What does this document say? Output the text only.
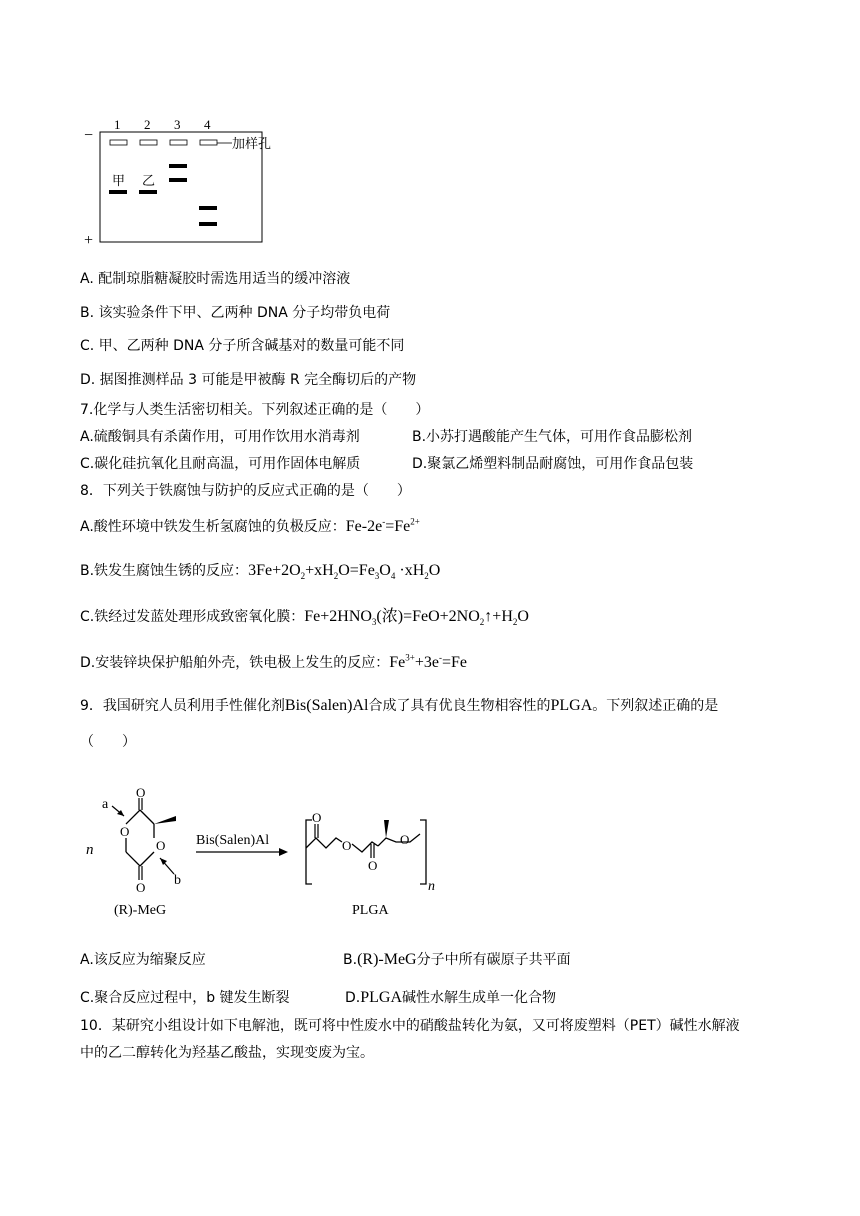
−
+
1 2 3 4
加样孔
甲 乙
A. 配制琼脂糖凝胶时需选用适当的缓冲溶液
B. 该实验条件下甲、乙两种 DNA 分子均带负电荷
C. 甲、乙两种 DNA 分子所含碱基对的数量可能不同
D. 据图推测样品 3 可能是甲被酶 R 完全酶切后的产物
7.化学与人类生活密切相关。下列叙述正确的是（　　）
A.硫酸铜具有杀菌作用，可用作饮用水消毒剂	B.小苏打遇酸能产生气体，可用作食品膨松剂
C.碳化硅抗氧化且耐高温，可用作固体电解质	D.聚氯乙烯塑料制品耐腐蚀，可用作食品包装
8．下列关于铁腐蚀与防护的反应式正确的是（　　）
A.酸性环境中铁发生析氢腐蚀的负极反应：$Fe-2e^-=Fe^{2+}$
B.铁发生腐蚀生锈的反应：$3Fe+2O_2+xH_2O=Fe_3O_4 \cdot xH_2O$
C.铁经过发蓝处理形成致密氧化膜：$Fe+2HNO_3$(浓)$=FeO+2NO_2↑+H_2O$
D.安装锌块保护船舶外壳，铁电极上发生的反应：$Fe^{3+}+3e^-=Fe$
9．我国研究人员利用手性催化剂Bis(Salen)Al合成了具有优良生物相容性的PLGA。下列叙述正确的是
（　　）
n
a
O
O
O
O b
(R)-MeG
Bis(Salen)Al
n
O	O
O
O
PLGA
A.该反应为缩聚反应	B.(R)-MeG分子中所有碳原子共平面
C.聚合反应过程中，b 键发生断裂	D.PLGA碱性水解生成单一化合物
10．某研究小组设计如下电解池，既可将中性废水中的硝酸盐转化为氨，又可将废塑料（PET）碱性水解液
中的乙二醇转化为羟基乙酸盐，实现变废为宝。
